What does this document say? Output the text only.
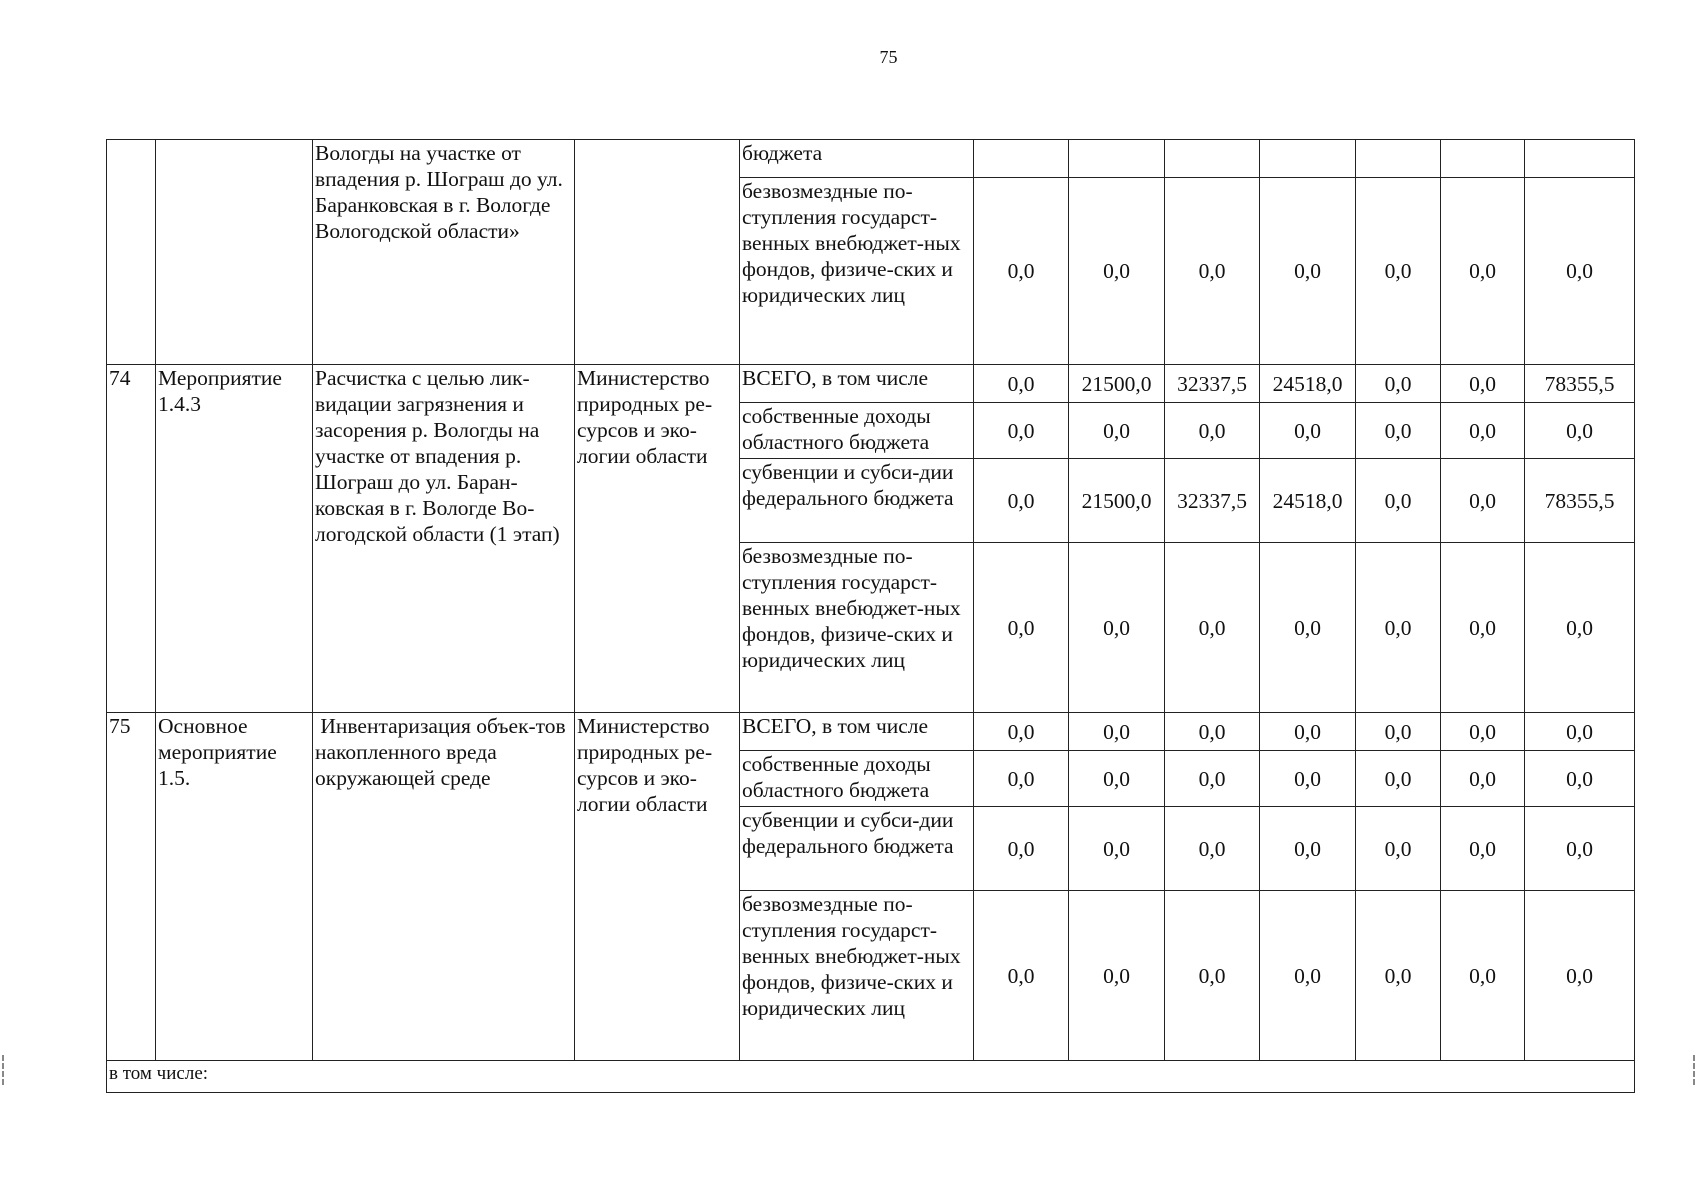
75
		Вологды на участке от впадения р. Шограш до ул. Баранковская в г. Вологде Вологодской области»		бюджета							
				безвозмездные по-ступления государст-венных внебюджет-ных фондов, физиче-ских и юридических лиц	0,0	0,0	0,0	0,0	0,0	0,0	0,0
74	Мероприятие 1.4.3	Расчистка с целью лик-видации загрязнения и засорения р. Вологды на участке от впадения р. Шограш до ул. Баран-ковская в г. Вологде Во-логодской области (1 этап)	Министерство природных ре-сурсов и эко-логии области	ВСЕГО, в том числе	0,0	21500,0	32337,5	24518,0	0,0	0,0	78355,5
				собственные доходы областного бюджета	0,0	0,0	0,0	0,0	0,0	0,0	0,0
				субвенции и субси-дии федерального бюджета	0,0	21500,0	32337,5	24518,0	0,0	0,0	78355,5
				безвозмездные по-ступления государст-венных внебюджет-ных фондов, физиче-ских и юридических лиц	0,0	0,0	0,0	0,0	0,0	0,0	0,0
75	Основное мероприятие 1.5.	Инвентаризация объек-тов накопленного вреда окружающей среде	Министерство природных ре-сурсов и эко-логии области	ВСЕГО, в том числе	0,0	0,0	0,0	0,0	0,0	0,0	0,0
				собственные доходы областного бюджета	0,0	0,0	0,0	0,0	0,0	0,0	0,0
				субвенции и субси-дии федерального бюджета	0,0	0,0	0,0	0,0	0,0	0,0	0,0
				безвозмездные по-ступления государст-венных внебюджет-ных фондов, физиче-ских и юридических лиц	0,0	0,0	0,0	0,0	0,0	0,0	0,0
в том числе:											
